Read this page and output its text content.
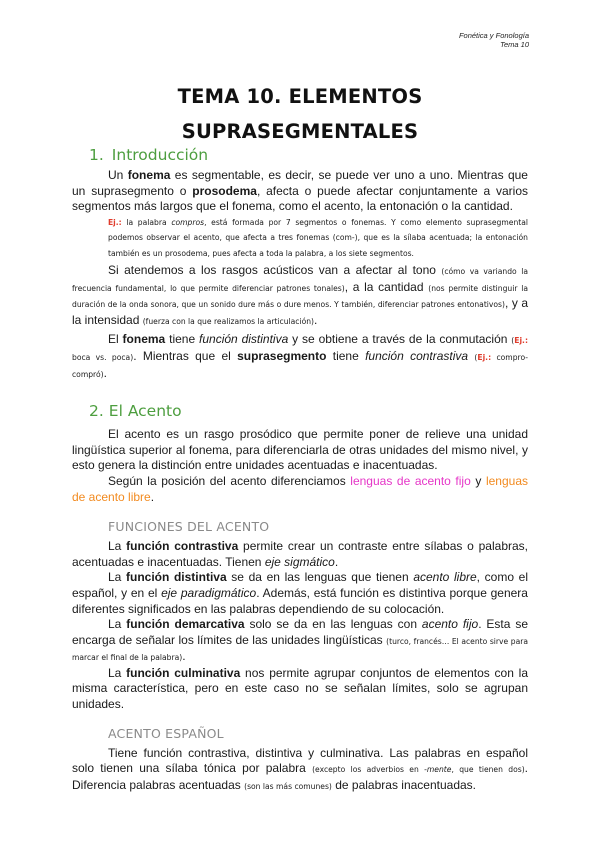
Fonética y Fonología
Tema 10
TEMA 10. ELEMENTOS
SUPRASEGMENTALES
1. Introducción

Un fonema es segmentable, es decir, se puede ver uno a uno. Mientras que un suprasegmento o prosodema, afecta o puede afectar conjuntamente a varios segmentos más largos que el fonema, como el acento, la entonación o la cantidad.

Ej.: la palabra compros, está formada por 7 segmentos o fonemas. Y como elemento suprasegmental podemos observar el acento, que afecta a tres fonemas (com-), que es la sílaba acentuada; la entonación también es un prosodema, pues afecta a toda la palabra, a los siete segmentos.

Si atendemos a los rasgos acústicos van a afectar al tono (cómo va variando la frecuencia fundamental, lo que permite diferenciar patrones tonales), a la cantidad (nos permite distinguir la duración de la onda sonora, que un sonido dure más o dure menos. Y también, diferenciar patrones entonativos), y a la intensidad (fuerza con la que realizamos la articulación).

El fonema tiene función distintiva y se obtiene a través de la conmutación (Ej.: boca vs. poca). Mientras que el suprasegmento tiene función contrastiva (Ej.: compro- compró).

2. El Acento

El acento es un rasgo prosódico que permite poner de relieve una unidad lingüística superior al fonema, para diferenciarla de otras unidades del mismo nivel, y esto genera la distinción entre unidades acentuadas e inacentuadas.

Según la posición del acento diferenciamos lenguas de acento fijo y lenguas de acento libre.

FUNCIONES DEL ACENTO

La función contrastiva permite crear un contraste entre sílabas o palabras, acentuadas e inacentuadas. Tienen eje sigmático.

La función distintiva se da en las lenguas que tienen acento libre, como el español, y en el eje paradigmático. Además, está función es distintiva porque genera diferentes significados en las palabras dependiendo de su colocación.

La función demarcativa solo se da en las lenguas con acento fijo. Esta se encarga de señalar los límites de las unidades lingüísticas (turco, francés… El acento sirve para marcar el final de la palabra).

La función culminativa nos permite agrupar conjuntos de elementos con la misma característica, pero en este caso no se señalan límites, solo se agrupan unidades.

ACENTO ESPAÑOL

Tiene función contrastiva, distintiva y culminativa. Las palabras en español solo tienen una sílaba tónica por palabra (excepto los adverbios en -mente, que tienen dos). Diferencia palabras acentuadas (son las más comunes) de palabras inacentuadas.
